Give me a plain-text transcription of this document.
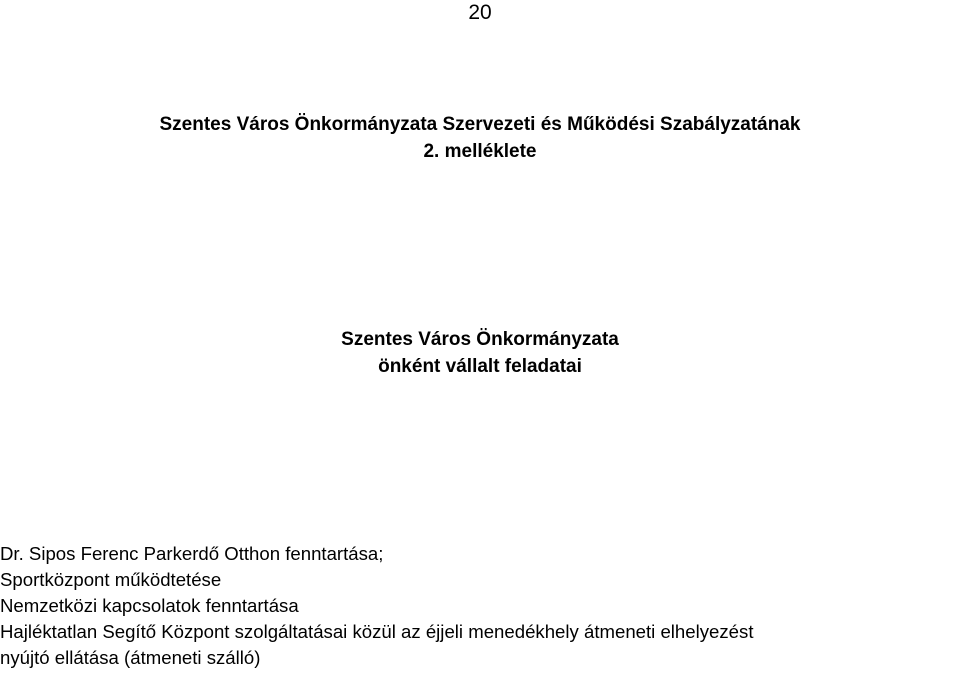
20
Szentes Város Önkormányzata Szervezeti és Működési Szabályzatának
2. melléklete
Szentes Város Önkormányzata
önként vállalt feladatai
Dr. Sipos Ferenc Parkerdő Otthon fenntartása;
Sportközpont működtetése
Nemzetközi kapcsolatok fenntartása
Hajléktatlan Segítő Központ szolgáltatásai közül az éjjeli menedékhely átmeneti elhelyezést
nyújtó ellátása (átmeneti szálló)
